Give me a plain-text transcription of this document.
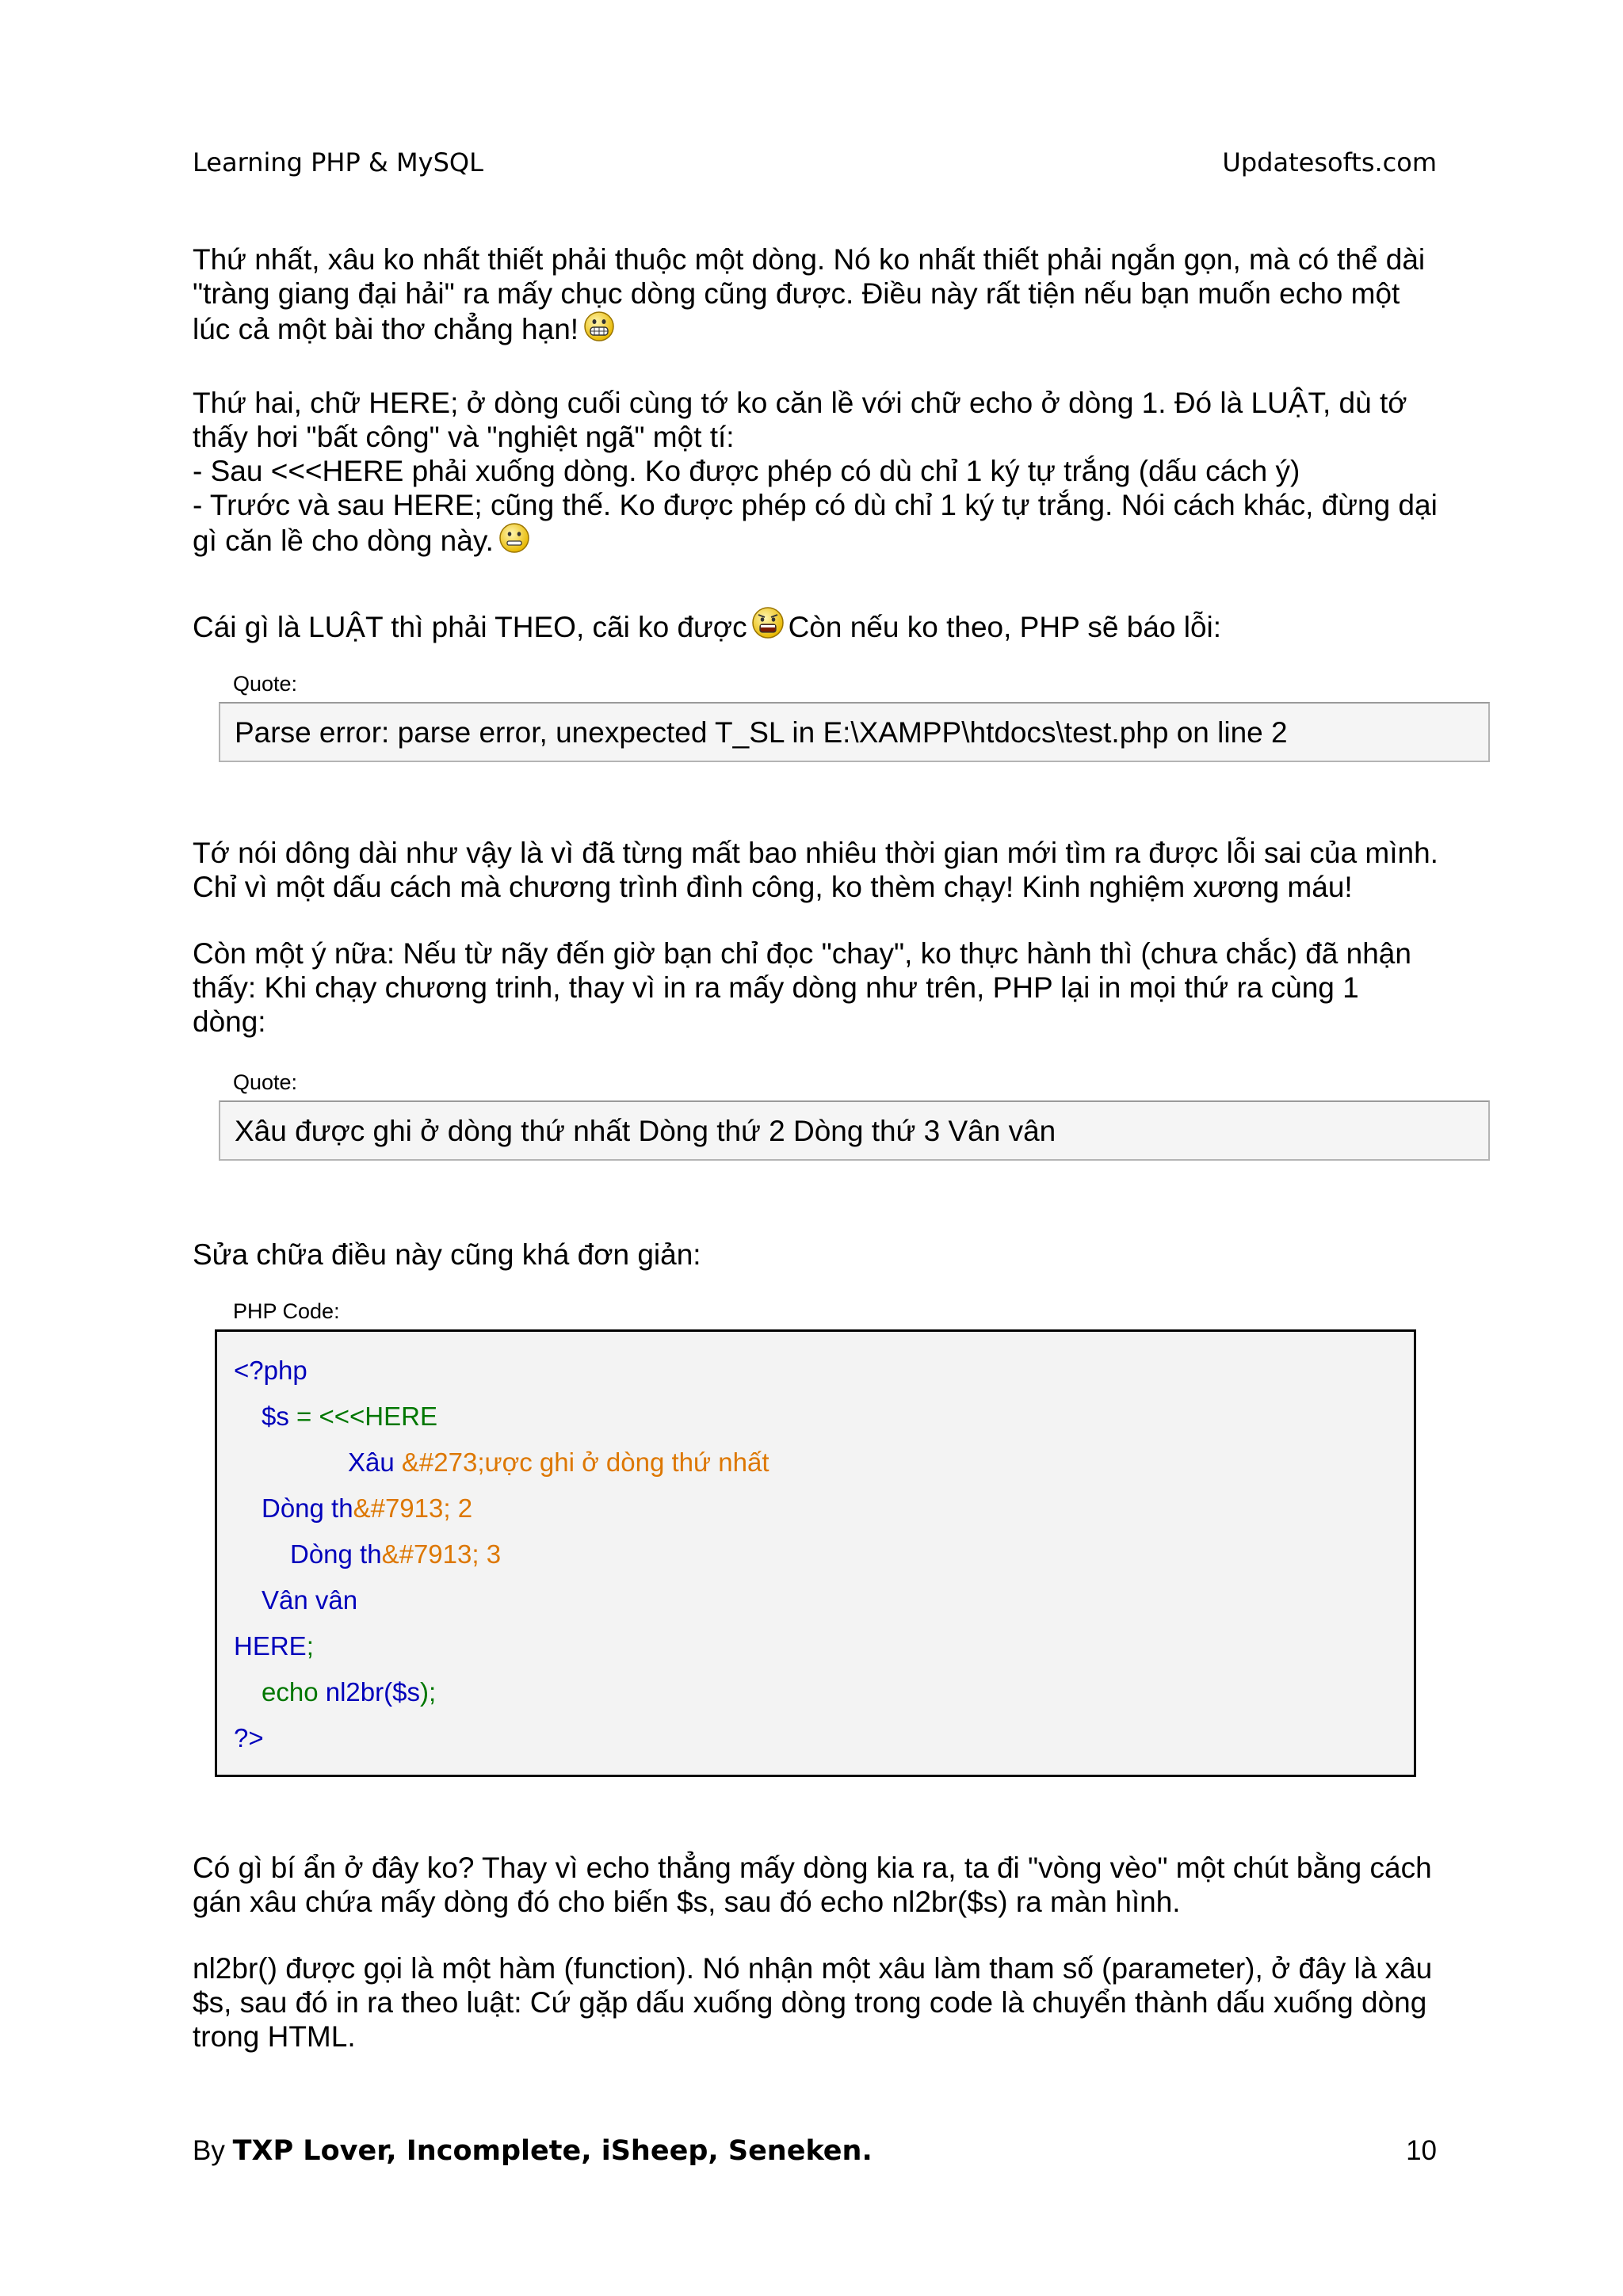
Learning PHP & MySQL	Updatesofts.com

Thứ nhất, xâu ko nhất thiết phải thuộc một dòng. Nó ko nhất thiết phải ngắn gọn, mà có thể dài
"tràng giang đại hải" ra mấy chục dòng cũng được. Điều này rất tiện nếu bạn muốn echo một
lúc cả một bài thơ chẳng hạn!

Thứ hai, chữ HERE; ở dòng cuối cùng tớ ko căn lề với chữ echo ở dòng 1. Đó là LUẬT, dù tớ
thấy hơi "bất công" và "nghiệt ngã" một tí:
- Sau <<<HERE phải xuống dòng. Ko được phép có dù chỉ 1 ký tự trắng (dấu cách ý)
- Trước và sau HERE; cũng thế. Ko được phép có dù chỉ 1 ký tự trắng. Nói cách khác, đừng dại
gì căn lề cho dòng này.

Cái gì là LUẬT thì phải THEO, cãi ko được Còn nếu ko theo, PHP sẽ báo lỗi:

Quote:
Parse error: parse error, unexpected T_SL in E:\XAMPP\htdocs\test.php on line 2

Tớ nói dông dài như vậy là vì đã từng mất bao nhiêu thời gian mới tìm ra được lỗi sai của mình.
Chỉ vì một dấu cách mà chương trình đình công, ko thèm chạy! Kinh nghiệm xương máu!

Còn một ý nữa: Nếu từ nãy đến giờ bạn chỉ đọc "chay", ko thực hành thì (chưa chắc) đã nhận
thấy: Khi chạy chương trinh, thay vì in ra mấy dòng như trên, PHP lại in mọi thứ ra cùng 1
dòng:

Quote:
Xâu được ghi ở dòng thứ nhất Dòng thứ 2 Dòng thứ 3 Vân vân

Sửa chữa điều này cũng khá đơn giản:

PHP Code:
<?php
$s = <<<HERE
Xâu &#273;ược ghi ở dòng thứ nhất
Dòng th&#7913; 2
Dòng th&#7913; 3
Vân vân
HERE;
echo nl2br($s);
?>

Có gì bí ẩn ở đây ko? Thay vì echo thẳng mấy dòng kia ra, ta đi "vòng vèo" một chút bằng cách
gán xâu chứa mấy dòng đó cho biến $s, sau đó echo nl2br($s) ra màn hình.

nl2br() được gọi là một hàm (function). Nó nhận một xâu làm tham số (parameter), ở đây là xâu
$s, sau đó in ra theo luật: Cứ gặp dấu xuống dòng trong code là chuyển thành dấu xuống dòng
trong HTML.

By TXP Lover, Incomplete, iSheep, Seneken.	10
